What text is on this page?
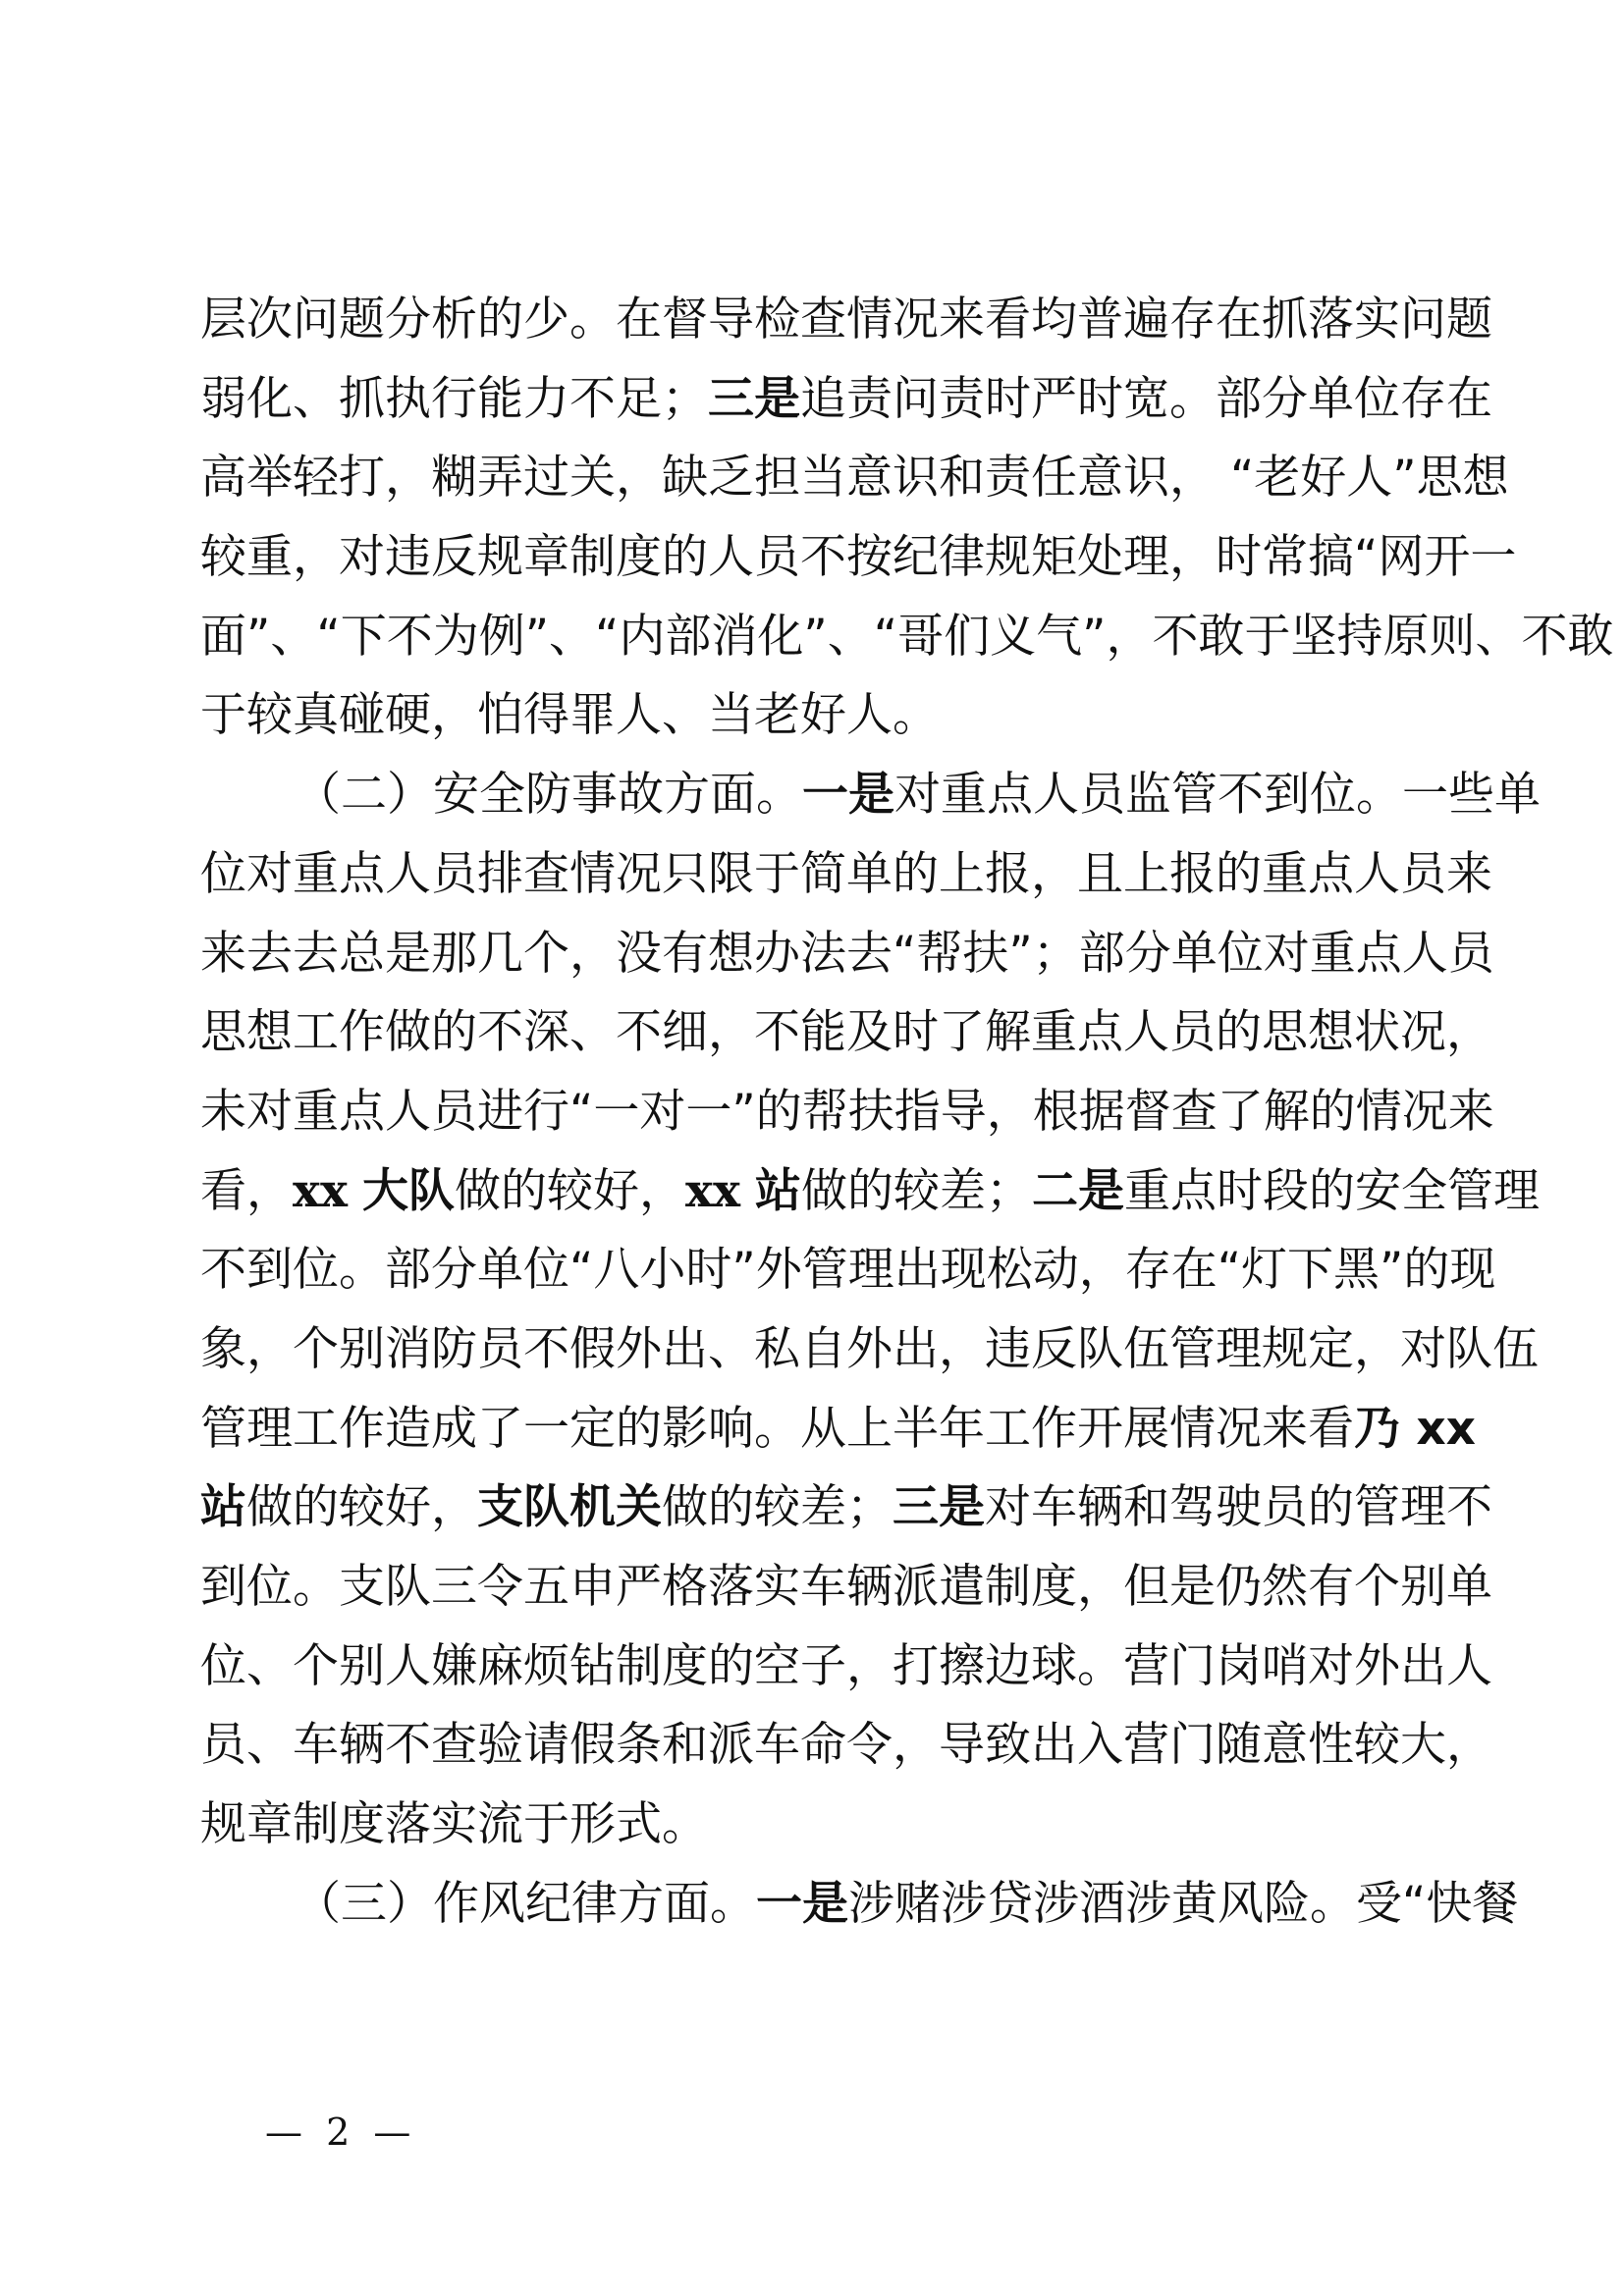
层次问题分析的少。在督导检查情况来看均普遍存在抓落实问题
弱化、抓执行能力不足；三是追责问责时严时宽。部分单位存在
高举轻打，糊弄过关，缺乏担当意识和责任意识， “老好人”思想
较重，对违反规章制度的人员不按纪律规矩处理，时常搞“网开一
面”、“下不为例”、“内部消化”、“哥们义气”，不敢于坚持原则、不敢
于较真碰硬，怕得罪人、当老好人。
（二）安全防事故方面。一是对重点人员监管不到位。一些单
位对重点人员排查情况只限于简单的上报，且上报的重点人员来
来去去总是那几个，没有想办法去“帮扶”；部分单位对重点人员
思想工作做的不深、不细，不能及时了解重点人员的思想状况，
未对重点人员进行“一对一”的帮扶指导，根据督查了解的情况来
看，xx 大队做的较好，xx 站做的较差；二是重点时段的安全管理
不到位。部分单位“八小时”外管理出现松动，存在“灯下黑”的现
象，个别消防员不假外出、私自外出，违反队伍管理规定，对队伍
管理工作造成了一定的影响。从上半年工作开展情况来看乃 xx
站做的较好，支队机关做的较差；三是对车辆和驾驶员的管理不
到位。支队三令五申严格落实车辆派遣制度，但是仍然有个别单
位、个别人嫌麻烦钻制度的空子，打擦边球。营门岗哨对外出人
员、车辆不查验请假条和派车命令，导致出入营门随意性较大，
规章制度落实流于形式。
（三）作风纪律方面。一是涉赌涉贷涉酒涉黄风险。受“快餐
— 2 —
